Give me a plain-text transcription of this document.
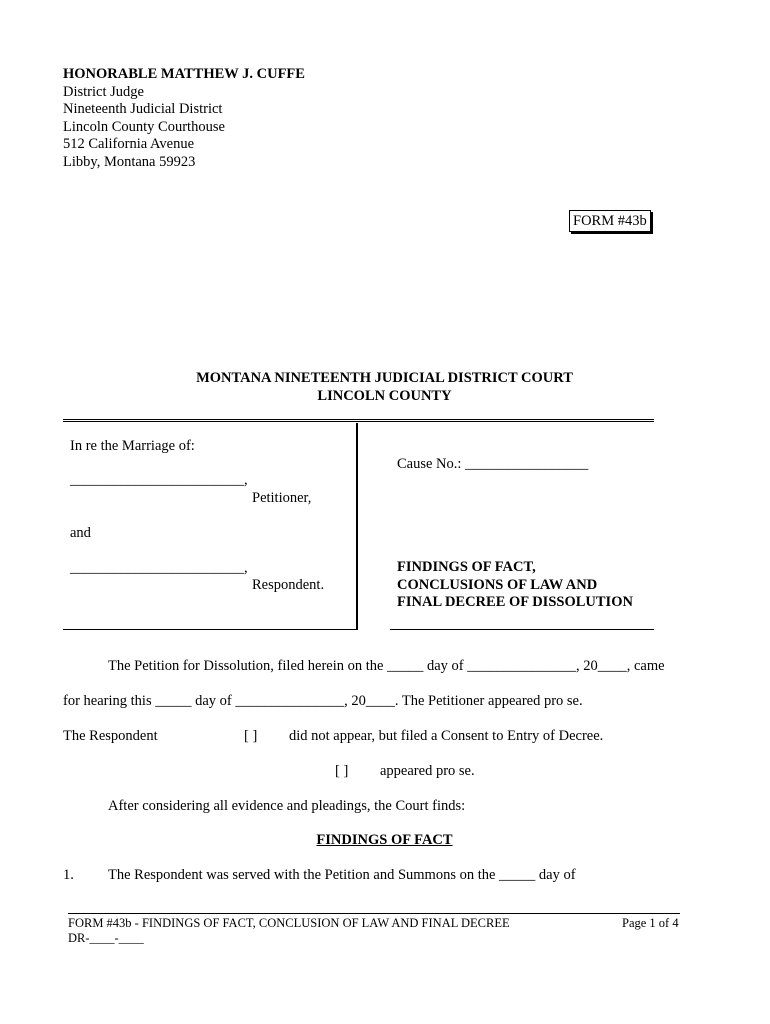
HONORABLE MATTHEW J. CUFFE
District Judge
Nineteenth Judicial District
Lincoln County Courthouse
512 California Avenue
Libby, Montana 59923
FORM #43b
MONTANA NINETEENTH JUDICIAL DISTRICT COURT
LINCOLN COUNTY
In re the Marriage of:
________________________,
Petitioner,
and
________________________,
Respondent.
Cause No.: _________________
FINDINGS OF FACT,
CONCLUSIONS OF LAW AND
FINAL DECREE OF DISSOLUTION
The Petition for Dissolution, filed herein on the _____ day of _______________, 20____, came
for hearing this _____ day of _______________, 20____. The Petitioner appeared pro se.
The Respondent	[ ] did not appear, but filed a Consent to Entry of Decree.
[ ] appeared pro se.
After considering all evidence and pleadings, the Court finds:
FINDINGS OF FACT
1. The Respondent was served with the Petition and Summons on the _____ day of
FORM #43b - FINDINGS OF FACT, CONCLUSION OF LAW AND FINAL DECREE
DR-____-____
Page 1 of 4
